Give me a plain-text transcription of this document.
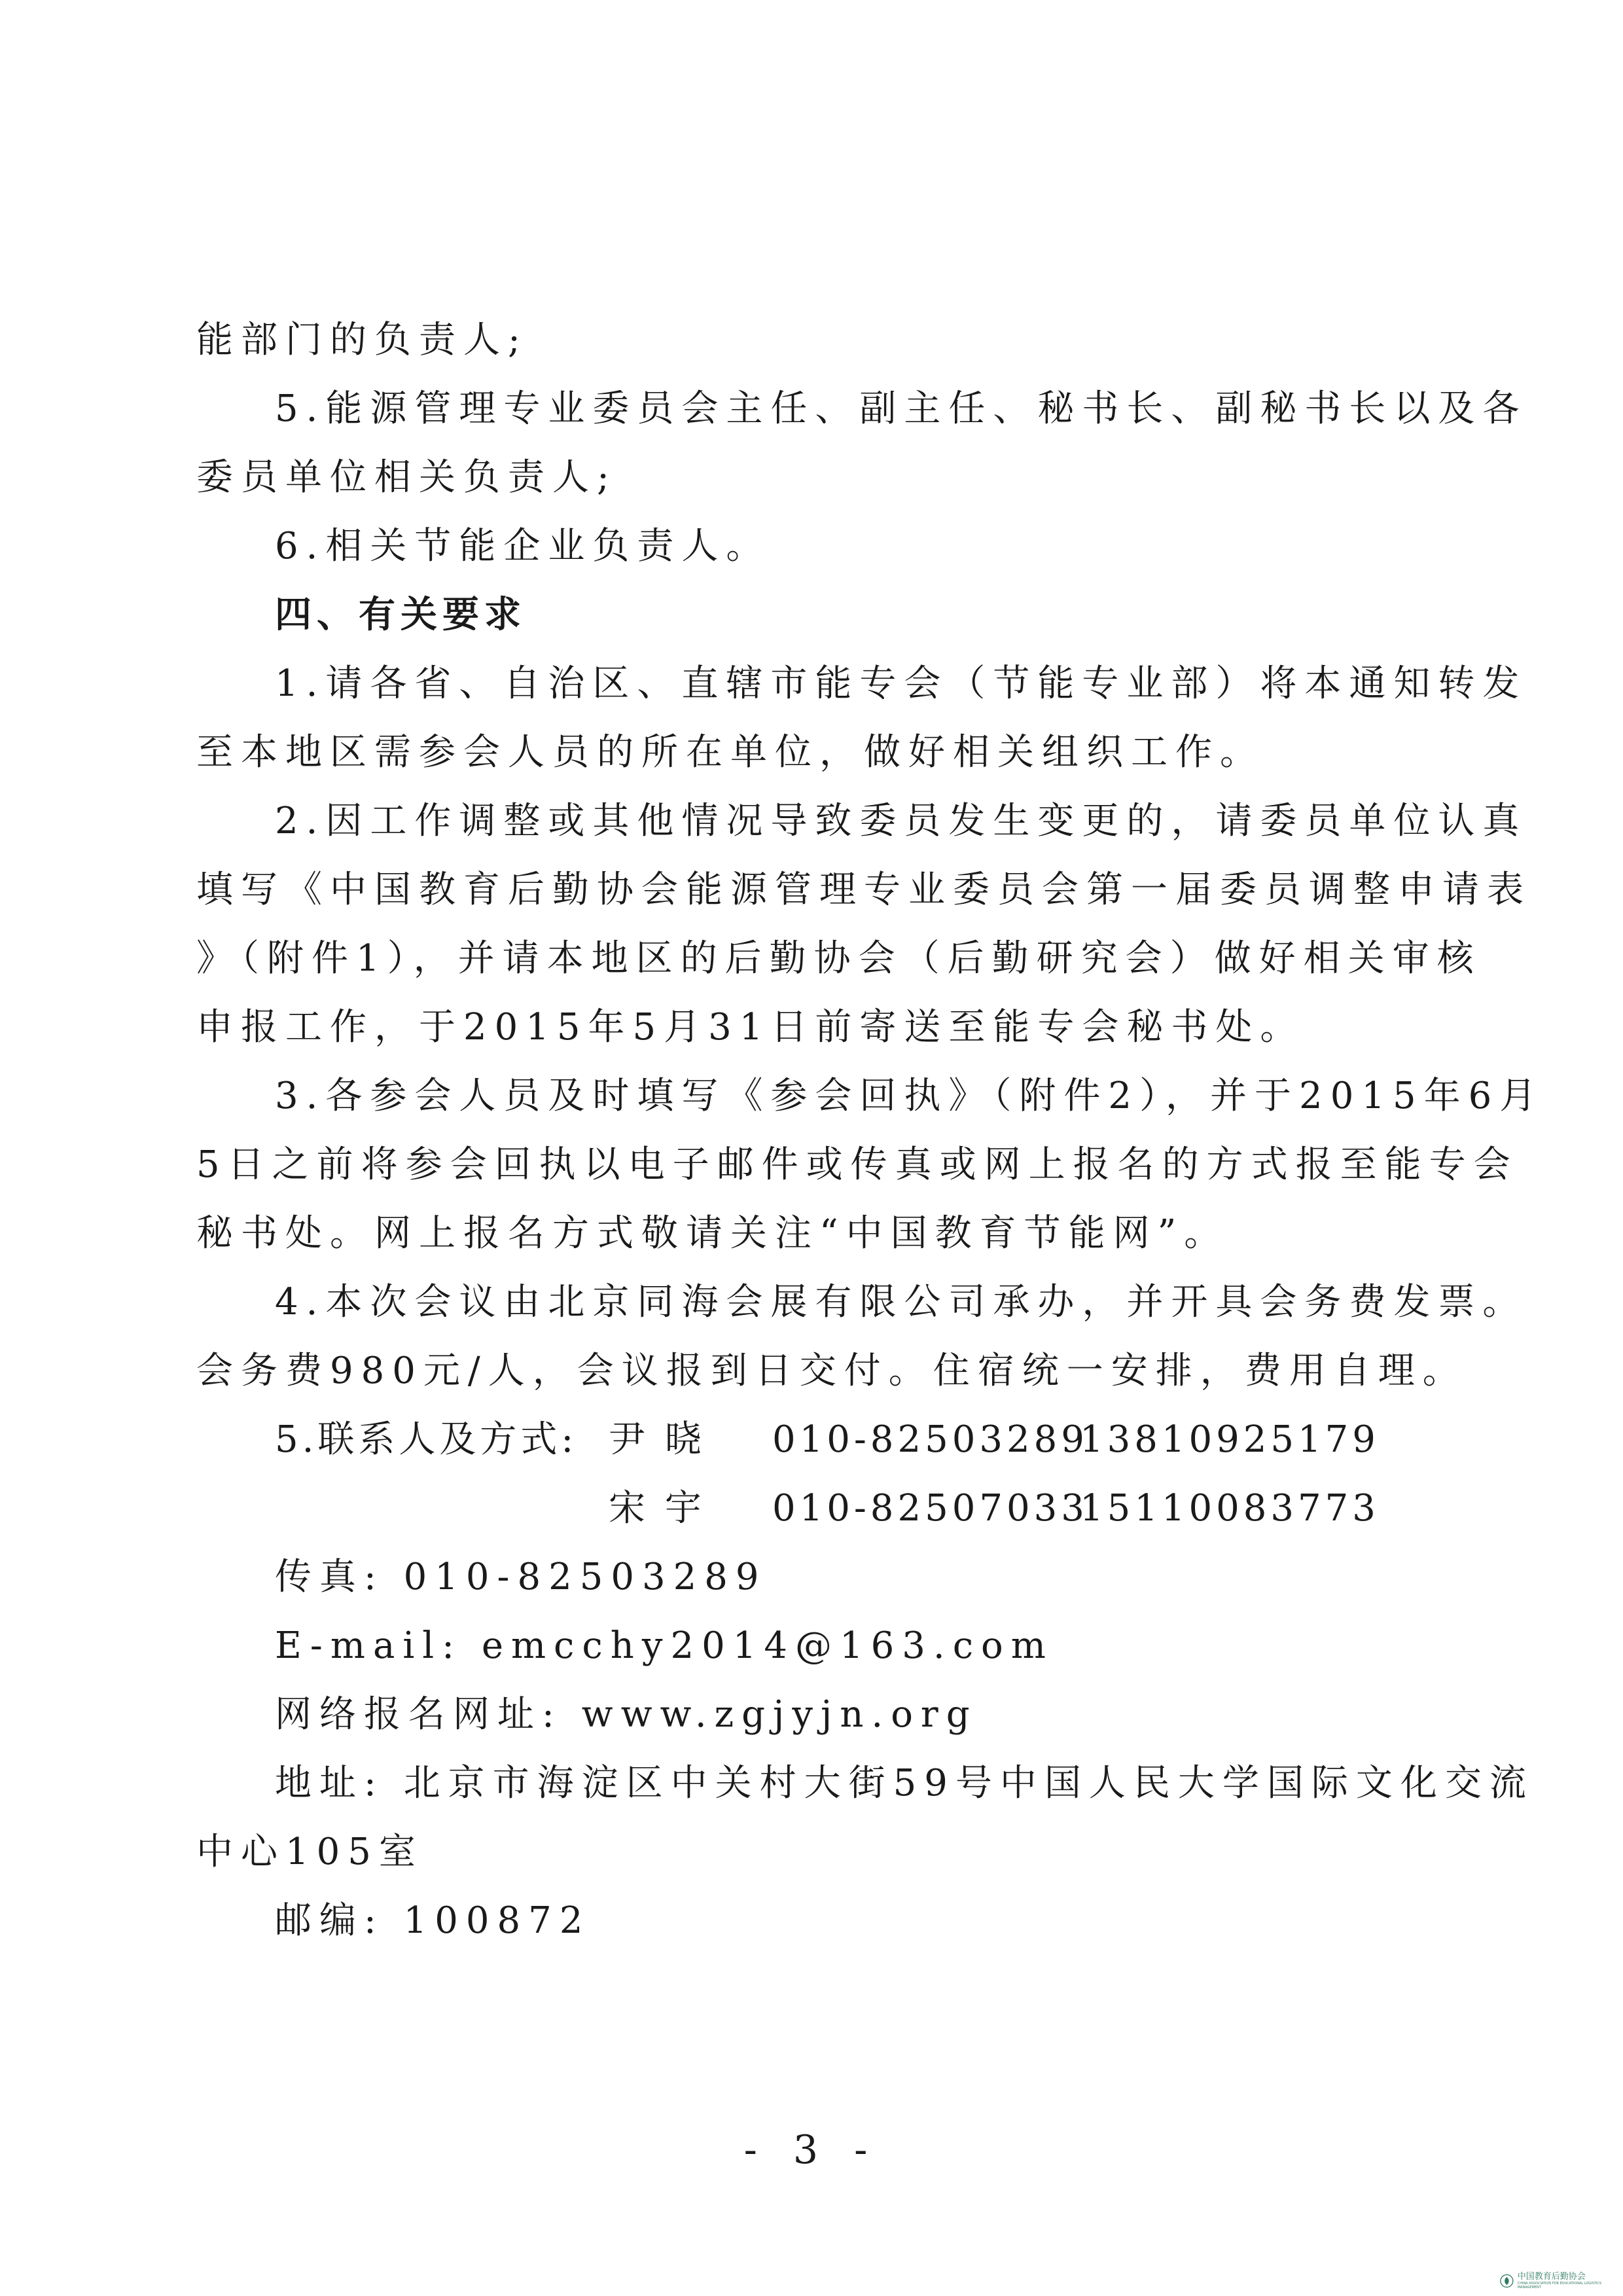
能部门的负责人;
5.能源管理专业委员会主任、副主任、秘书长、副秘书长以及各
委员单位相关负责人;
6.相关节能企业负责人。
四、有关要求
1.请各省、自治区、直辖市能专会（节能专业部）将本通知转发
至本地区需参会人员的所在单位，做好相关组织工作。
2.因工作调整或其他情况导致委员发生变更的，请委员单位认真
填写《中国教育后勤协会能源管理专业委员会第一届委员调整申请表
》（附件1），并请本地区的后勤协会（后勤研究会）做好相关审核
申报工作，于2015年5月31日前寄送至能专会秘书处。
3.各参会人员及时填写《参会回执》（附件2），并于2015年6月
5日之前将参会回执以电子邮件或传真或网上报名的方式报至能专会
秘书处。网上报名方式敬请关注“中国教育节能网”。
4.本次会议由北京同海会展有限公司承办，并开具会务费发票。
会务费980元/人，会议报到日交付。住宿统一安排，费用自理。
5.联系人及方式: 尹 晓 010-82503289
13810925179
宋 宇 010-82507033
15110083773
传真: 010-82503289
E-mail: emcchy2014@163.com
网络报名网址: www.zgjyjn.org
地址: 北京市海淀区中关村大街59号中国人民大学国际文化交流
中心105室
邮编: 100872
- 3 -
中国教育后勤协会
CHINA ASSOCIATION FOR EDUCATIONAL LOGISTICS MANAGEMENT
